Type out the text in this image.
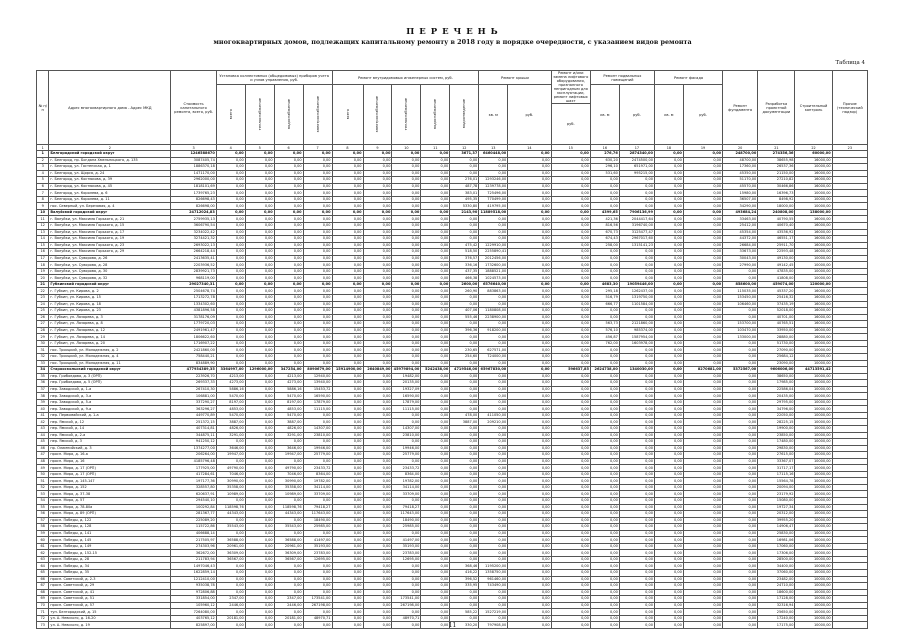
П Е Р Е Ч Е Н Ь
многоквартирных домов, подлежащих капитальному ремонту в 2018 году в порядке очередности, с указанием видов ремонта
Таблица 4
№ п/п	Адрес многоквартирного дома - Адрес МКД	Стоимость капитального ремонта, всего, руб.	Установка коллективных (общедомовых) приборов учета и узлов управления, руб.				Ремонт внутридомовых инженерных систем, руб.					Ремонт крыши		Ремонт и/или замена лифтового оборудования, признанного непригодным для эксплуатации, ремонт лифтовых шахт	Ремонт подвальных помещений		Ремонт фасада		Ремонт фундамента	Разработка проектной документации	Строительный контроль	Прочие (технический надзор)
			всего	теплоснабжение	водоснабжение	электроснабжение	всего	электроснабжение	теплоснабжение	водоснабжение	водоотведение	кв. м	руб.		кв. м	руб.	кв. м	руб.				
														руб.								
1	2	3	4	5	6	7	8	9	10	11	12	13	14	15	16	17	18	19	20	21	22	23
1	Белгородский городской округ	1246588670	0,00	0,00	0,00	0,00	0,00	0,00	0,00	0,00	3671,37	6460448,00	0,00	0,00	276,76	2874340,00	0,00	0,00	248700,00	274356,36	60000,00	
2	г. Белгород, пр. Богдана Хмельницкого, д. 135	3087405,74	0,00	0,00	0,00	0,00	0,00	0,00	0,00	0,00	0,00	0,00	0,00	0,00	630,20	2474500,00	0,00	0,00	48700,00	38655,98	16000,00	
3	г. Белгород, ул. Гостенская, д. 1	1886370,18	0,00	0,00	0,00	0,00	0,00	0,00	0,00	0,00	0,00	0,00	0,00	0,00	296,10	651971,00	0,00	0,00	17360,00	26537,36	10000,00	
4	г. Белгород, ул. Щорса, д. 24	1471170,00	0,00	0,00	0,00	0,00	0,00	0,00	0,00	0,00	0,00	0,00	0,00	0,00	531,60	995215,00	0,00	0,00	45350,00	21150,00	16000,00	
5	г. Белгород, ул. Костюкова, д. 39	2962000,00	0,00	0,00	0,00	0,00	0,00	0,00	0,00	0,00	276,01	1293246,00	0,00	0,00	0,00	0,00	0,00	0,00	51170,00	27210,82	16000,00	
6	г. Белгород, ул. Костюкова, д. 45	1818101,69	0,00	0,00	0,00	0,00	0,00	0,00	0,00	0,00	487,78	1239778,00	0,00	0,00	0,00	0,00	0,00	0,00	45570,00	30466,86	16000,00	
7	г. Белгород, ул. Королева, д. 6	1739765,23	0,00	0,00	0,00	0,00	0,00	0,00	0,00	0,00	383,01	725496,00	0,00	0,00	0,00	0,00	0,00	0,00	15980,00	16396,73	10000,00	
8	г. Белгород, ул. Королева, д. 11	826698,43	0,00	0,00	0,00	0,00	0,00	0,00	0,00	0,00	495,35	770499,00	0,00	0,00	0,00	0,00	0,00	0,00	36507,00	8498,92	10000,00	
9	пос. Северный, ул. Березовая, д. 4	826698,00	0,00	0,00	0,00	0,00	0,00	0,00	0,00	0,00	5330,80	419795,00	0,00	0,00	0,00	0,00	0,00	0,00	34290,00	18000,00	10000,00	
10	Валуйский городской округ	24712024,83	0,00	0,00	0,00	0,00	0,00	0,00	0,00	0,00	2143,90	11889518,00	0,00	0,00	4399,65	7906136,99	0,00	0,00	493684,24	240808,00	138000,00	
11	г. Валуйки, ул. Максима Горького, д. 21	2759935,13	0,00	0,00	0,00	0,00	0,00	0,00	0,00	0,00	0,00	0,00	0,00	0,00	421,36	2044417,64	0,00	0,00	33463,00	40790,55	16000,00	
12	г. Валуйки, ул. Максима Горького, д. 15	3606790,54	0,00	0,00	0,00	0,00	0,00	0,00	0,00	0,00	0,00	0,00	0,00	0,00	816,56	3196740,00	0,00	0,00	25412,00	40670,40	16000,00	
13	г. Валуйки, ул. Максима Горького, д. 17	3234022,42	0,00	0,00	0,00	0,00	0,00	0,00	0,00	0,00	0,00	0,00	0,00	0,00	670,73	3125477,47	0,00	0,00	45354,00	43536,92	16000,00	
14	г. Валуйки, ул. Максима Горького, д. 19	3274421,32	0,00	0,00	0,00	0,00	0,00	0,00	0,00	0,00	0,00	0,00	0,00	0,00	674,43	2967017,60	0,00	0,00	44372,00	46551,17	16000,00	
15	г. Валуйки, ул. Максима Горького, д. 23	2693022,13	0,00	0,00	0,00	0,00	0,00	0,00	0,00	0,00	475,42	1229910,00	0,00	0,00	258,00	1315141,23	0,00	0,00	26684,00	25911,70	16000,00	
16	г. Валуйки, ул. Максима Горького, д. 29	2664218,44	0,00	0,00	0,00	0,00	0,00	0,00	0,00	0,00	518,50	2255890,41	0,00	0,00	0,00	0,00	0,00	0,00	33673,00	22593,48	16000,00	
17	г. Валуйки, ул. Суворова, д. 26	2413635,41	0,00	0,00	0,00	0,00	0,00	0,00	0,00	0,00	376,57	2012456,00	0,00	0,00	0,00	0,00	0,00	0,00	30043,00	49130,00	10000,00	
18	г. Валуйки, ул. Суворова, д. 28	2203936,52	0,00	0,00	0,00	0,00	0,00	0,00	0,00	0,00	336,16	1732600,00	0,00	0,00	0,00	0,00	0,00	0,00	27990,00	49142,45	10000,00	
19	г. Валуйки, ул. Суворова, д. 30	2839921,73	0,00	0,00	0,00	0,00	0,00	0,00	0,00	0,00	437,35	1888521,00	0,00	0,00	0,00	0,00	0,00	0,00	0,00	47835,00	10000,00	
20	г. Валуйки, ул. Суворова, д. 32	968119,00	0,00	0,00	0,00	0,00	0,00	0,00	0,00	0,00	466,38	1024573,00	0,00	0,00	0,00	0,00	0,00	0,00	0,00	41808,00	10000,00	
21	Губкинский городской округ	29027340,31	0,00	0,00	0,00	0,00	0,00	0,00	0,00	0,00	2600,00	6576640,00	0,00	0,00	4683,30	19059446,00	0,00	0,00	858600,00	459074,00	120000,00	
22	г. Губкин, ул. Кирова, д. 2	2504678,74	0,00	0,00	0,00	0,00	0,00	0,00	0,00	0,00	260,90	883863,00	0,00	0,00	295,18	1262437,00	0,00	0,00	115035,00	45337,20	16000,00	
23	г. Губкин, ул. Кирова, д. 15	1713272,78	0,00	0,00	0,00	0,00	0,00	0,00	0,00	0,00	0,00	0,00	0,00	0,00	516,79	1319750,00	0,00	0,00	153450,00	25416,32	16000,00	
24	г. Губкин, ул. Кирова, д. 18	1334302,60	0,00	0,00	0,00	0,00	0,00	0,00	0,00	0,00	0,00	0,00	0,00	0,00	666,77	1101584,00	0,00	0,00	106460,00	37435,19	16000,00	
25	г. Губкин, ул. Кирова, д. 23	4381896,58	0,00	0,00	0,00	0,00	0,00	0,00	0,00	0,00	407,06	1180808,00	0,00	0,00	0,00	0,00	0,00	0,00	0,00	52018,00	16000,00	
26	г. Губкин, ул. Лазарева, д. 3	3178176,09	0,00	0,00	0,00	0,00	0,00	0,00	0,00	0,00	555,46	2238900,00	0,00	0,00	0,00	0,00	0,00	0,00	0,00	40701,00	16000,00	
27	г. Губкин, ул. Лазарева, д. 8	1779720,03	0,00	0,00	0,00	0,00	0,00	0,00	0,00	0,00	0,00	0,00	0,00	0,00	563,73	2121860,00	0,00	0,00	153700,00	40765,51	16000,00	
28	г. Губкин, ул. Лазарева, д. 12	2491961,47	0,00	0,00	0,00	0,00	0,00	0,00	0,00	0,00	396,36	918200,00	0,00	0,00	576,10	985374,00	0,00	0,00	103470,00	33950,00	16000,00	
29	г. Губкин, ул. Лазарева, д. 14	1806622,60	0,00	0,00	0,00	0,00	0,00	0,00	0,00	0,00	0,00	0,00	0,00	0,00	456,87	1587954,00	0,00	0,00	133000,00	28880,00	16000,00	
30	г. Губкин, ул. Лазарева, д. 20	1716907,22	0,00	0,00	0,00	0,00	0,00	0,00	0,00	0,00	0,00	0,00	0,00	0,00	762,00	1603978,00	0,00	0,00	0,00	51730,00	10000,00	
31	пос. Троицкий, ул. Молодежная, д. 2	2421860,00	0,00	0,00	0,00	0,00	0,00	0,00	0,00	0,00	230,65	627571,00	0,00	0,00	0,00	0,00	0,00	0,00	0,00	27090,00	10000,00	
32	пос. Троицкий, ул. Молодежная, д. 4	758440,21	0,00	0,00	0,00	0,00	0,00	0,00	0,00	0,00	254,60	724000,00	0,00	0,00	0,00	0,00	0,00	0,00	0,00	25684,12	10000,00	
33	пос. Троицкий, ул. Молодежная, д. 11	834889,90	0,00	0,00	0,00	0,00	0,00	0,00	0,00	0,00	0,00	0,00	0,00	0,00	0,00	0,00	0,00	0,00	0,00	23090,00	10000,00	
34	Старооскольский городской округ	477934389,35	3364997,00	1296000,00	347254,00	8090679,00	15914900,00	2640849,00	45979894,00	5242438,00	4719546,00	65967830,00	0,00	596637,85	2624738,00	1340030,00	0,00	8270681,00	5372567,00	9606006,00	44713591,42	
35	пер. Грибоедова, д. 3 (ОРП)	223926,70	4213,00	0,00	4213,00	12940,00	0,00	0,00	19482,00	0,00	0,00	0,00	0,00	0,00	0,00	0,00	0,00	0,00	0,00	38650,00	10000,00	
36	пер. Грибоедова, д. 5 (ОРП)	269337,33	4273,00	0,00	4273,00	13940,00	0,00	0,00	20135,00	0,00	0,00	0,00	0,00	0,00	0,00	0,00	0,00	0,00	0,00	17985,00	10000,00	
37	пер. Заводской, д. 1-а	267410,30	5886,16	0,00	5886,16	15453,72	0,00	0,00	19327,09	0,00	0,00	0,00	0,00	0,00	0,00	0,00	0,00	0,00	0,00	22586,04	10000,00	
38	пер. Заводской, д. 3-а	106881,00	5470,00	0,00	5470,00	16590,00	0,00	0,00	16590,00	0,00	0,00	0,00	0,00	0,00	0,00	0,00	0,00	0,00	0,00	20435,00	10000,00	
39	пер. Заводской, д. 5-а	337290,27	8197,00	0,00	8197,00	17879,00	0,00	0,00	17879,00	0,00	0,00	0,00	0,00	0,00	0,00	0,00	0,00	0,00	0,00	29795,00	10000,00	
40	пер. Заводской, д. 9-а	363296,27	4853,00	0,00	4853,00	11115,00	0,00	0,00	11115,00	0,00	0,00	0,00	0,00	0,00	0,00	0,00	0,00	0,00	0,00	34796,00	10000,00	
41	пер. Первомайский, д. 1-а	449770,89	5470,00	0,00	5470,00	0,00	0,00	0,00	0,00	0,00	478,00	411050,00	0,00	0,00	0,00	0,00	0,00	0,00	0,00	22050,00	10000,00	
42	пер. Ямской, д. 12	251372,15	3887,00	0,00	3887,00	0,00	0,00	0,00	0,00	0,00	3887,00	209210,00	0,00	0,00	0,00	0,00	0,00	0,00	0,00	28225,15	10000,00	
43	пер. Ямской, д. 14	407314,81	4826,00	0,00	4826,00	14307,00	0,00	0,00	14307,00	0,00	0,00	0,00	0,00	0,00	0,00	0,00	0,00	0,00	0,00	19900,00	10000,00	
44	пер. Ямской, д. 2-а	344875,11	3291,00	0,00	3291,00	23810,00	0,00	0,00	23810,00	0,00	0,00	0,00	0,00	0,00	0,00	0,00	0,00	0,00	0,00	23850,00	10000,00	
45	пер. Ямской, д. 3	941250,12	0,00	0,00	0,00	0,00	0,00	0,00	0,00	0,00	0,00	0,00	0,00	0,00	0,00	0,00	0,00	0,00	0,00	17480,00	10000,00	
46	пр. Олимпийский, д. 3	1374277,00	3646,00	0,00	3646,00	19946,00	0,00	0,00	19946,00	0,00	0,00	0,00	0,00	0,00	0,00	0,00	0,00	0,00	0,00	29830,00	10000,00	
47	просп. Мира, д. 16-а	206264,00	19947,00	0,00	19947,00	25779,00	0,00	0,00	25779,00	0,00	0,00	0,00	0,00	0,00	0,00	0,00	0,00	0,00	0,00	27615,00	10000,00	
48	просп. Мира, д. 16	4185796,48	0,00	0,00	0,00	0,00	0,00	0,00	0,00	0,00	0,00	0,00	0,00	0,00	0,00	0,00	0,00	0,00	0,00	33367,07	10000,00	
49	просп. Мира, д. 17 (ОРП)	177925,00	49790,00	0,00	49790,00	23433,72	0,00	0,00	23433,72	0,00	0,00	0,00	0,00	0,00	0,00	0,00	0,00	0,00	0,00	31717,17	10000,00	
50	просп. Мира, д. 17 (ОРП)	417284,61	7046,00	0,00	7046,00	8364,00	0,00	0,00	8364,00	0,00	0,00	0,00	0,00	0,00	0,00	0,00	0,00	0,00	0,00	17115,16	10000,00	
51	просп. Мира, д. 145-147	197177,36	30990,00	0,00	30990,00	19782,00	0,00	0,00	19782,00	0,00	0,00	0,00	0,00	0,00	0,00	0,00	0,00	0,00	0,00	15564,78	10000,00	
52	просп. Мира, д. 152	328557,80	35358,00	0,00	35358,00	34114,00	0,00	0,00	34114,00	0,00	0,00	0,00	0,00	0,00	0,00	0,00	0,00	0,00	0,00	20094,00	10000,00	
53	просп. Мира, д. 37-38	620637,91	10989,00	0,00	10989,00	33709,00	0,00	0,00	33709,00	0,00	0,00	0,00	0,00	0,00	0,00	0,00	0,00	0,00	0,00	23179,92	10000,00	
54	просп. Мира, д. 57	294540,10	0,00	0,00	0,00	0,00	0,00	0,00	0,00	0,00	0,00	0,00	0,00	0,00	0,00	0,00	0,00	0,00	0,00	15080,00	10000,00	
55	просп. Мира, д. 78-80а	100292,84	118598,76	0,00	118598,76	79418,27	0,00	0,00	79418,27	0,00	0,00	0,00	0,00	0,00	0,00	0,00	0,00	0,00	0,00	19727,34	10000,00	
56	просп. Мира, д. 89 (ОРП)	281367,77	44343,00	0,00	44343,00	117643,00	0,00	0,00	117643,00	0,00	0,00	0,00	0,00	0,00	0,00	0,00	0,00	0,00	0,00	20312,00	10000,00	
57	просп. Победы, д. 122	225089,20	0,00	0,00	0,00	18490,00	0,00	0,00	18490,00	0,00	0,00	0,00	0,00	0,00	0,00	0,00	0,00	0,00	0,00	39955,20	10000,00	
58	просп. Победы, д. 128	115722,86	35543,00	0,00	35543,00	25985,00	0,00	0,00	25985,00	0,00	0,00	0,00	0,00	0,00	0,00	0,00	0,00	0,00	0,00	14906,47	10000,00	
59	просп. Победы, д. 141	406688,14	0,00	0,00	0,00	0,00	0,00	0,00	0,00	0,00	0,00	0,00	0,00	0,00	0,00	0,00	0,00	0,00	0,00	25830,00	10000,00	
60	просп. Победы, д. 145	217505,97	36588,00	0,00	36588,00	41497,00	0,00	0,00	41497,00	0,00	0,00	0,00	0,00	0,00	0,00	0,00	0,00	0,00	0,00	16981,06	10000,00	
61	просп. Победы, д. 149	274303,96	20961,00	0,00	20961,00	35193,00	0,00	0,00	35193,00	0,00	0,00	0,00	0,00	0,00	0,00	0,00	0,00	0,00	0,00	17060,00	10000,00	
62	просп. Победы, д. 152-15	362672,00	36309,00	0,00	36309,00	23783,00	0,00	0,00	23783,00	0,00	0,00	0,00	0,00	0,00	0,00	0,00	0,00	0,00	0,00	17306,00	10000,00	
63	просп. Победы, д. 28	211783,94	36567,00	0,00	36567,00	12695,00	0,00	0,00	12695,00	0,00	0,00	0,00	0,00	0,00	0,00	0,00	0,00	0,00	0,00	28500,00	10000,00	
64	просп. Победы, д. 34	1497046,43	0,00	0,00	0,00	0,00	0,00	0,00	0,00	0,00	368,46	1195200,00	0,00	0,00	0,00	0,00	0,00	0,00	0,00	34400,00	10000,00	
65	просп. Победы, д. 35	1622859,14	0,00	0,00	0,00	0,00	0,00	0,00	0,00	0,00	416,22	1358750,00	0,00	0,00	0,00	0,00	0,00	0,00	0,00	37060,00	10000,00	
66	просп. Советский, д. 2-3	1212410,00	0,00	0,00	0,00	0,00	0,00	0,00	0,00	0,00	396,52	961460,00	0,00	0,00	0,00	0,00	0,00	0,00	0,00	23482,00	10000,00	
67	просп. Советский, д. 29	935038,78	0,00	0,00	0,00	0,00	0,00	0,00	0,00	0,00	335,95	743490,00	0,00	0,00	0,00	0,00	0,00	0,00	0,00	24710,00	10000,00	
68	просп. Советский, д. 41	972806,88	0,00	0,00	0,00	0,00	0,00	0,00	0,00	0,00	0,00	0,00	0,00	0,00	0,00	0,00	0,00	0,00	0,00	18600,00	10000,00	
69	просп. Советский, д. 51	331854,00	2347,00	0,00	2347,00	173541,00	0,00	0,00	173541,00	0,00	0,00	0,00	0,00	0,00	0,00	0,00	0,00	0,00	0,00	17128,00	10000,00	
70	просп. Советский, д. 57	105960,12	2446,00	0,00	2446,00	267198,00	0,00	0,00	267198,00	0,00	0,00	0,00	0,00	0,00	0,00	0,00	0,00	0,00	0,00	32316,94	10000,00	
71	туп. Белгородский, д. 15	7264080,00	0,00	0,00	0,00	0,00	0,00	0,00	0,00	0,00	585,22	1527219,00	0,00	0,00	0,00	0,00	0,00	0,00	0,00	25650,00	10000,00	
72	ул. А. Невского, д. 16-20	403765,12	20181,00	0,00	20181,00	48970,71	0,00	0,00	48970,71	0,00	0,00	0,00	0,00	0,00	0,00	0,00	0,00	0,00	0,00	17240,00	10000,00	
73	ул. А. Невского, д. 19	825897,00	0,00	0,00	0,00	0,00	0,00	0,00	0,00	0,00	330,20	797908,00	0,00	0,00	0,00	0,00	0,00	0,00	0,00	17175,00	10000,00	
11
